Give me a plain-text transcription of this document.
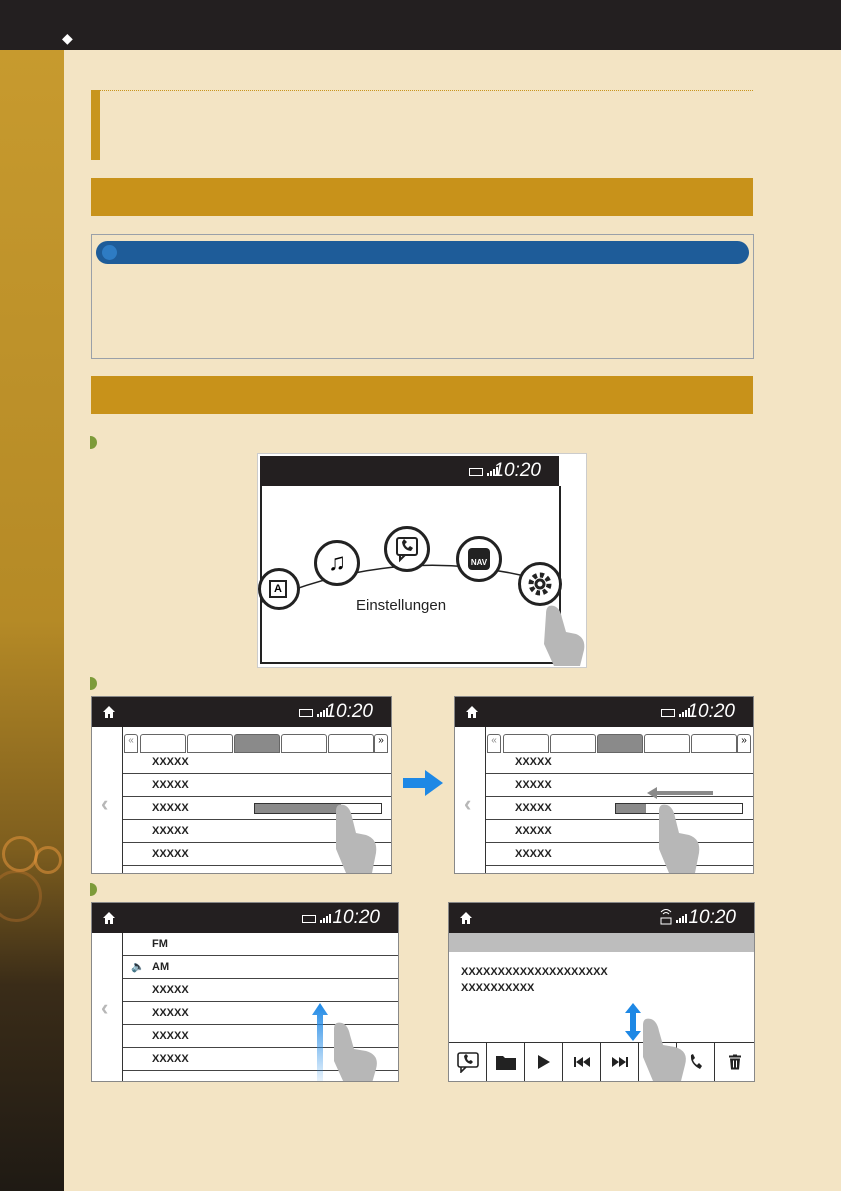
◆
10:20
A
♫	NAV
Einstellungen
10:20
‹
«	»
XXXXX
XXXXX
XXXXX
XXXXX
XXXXX
10:20
‹
«	»
XXXXX
XXXXX
XXXXX
XXXXX
XXXXX
10:20
‹
FM
🔈 AM
XXXXX
XXXXX
XXXXX
XXXXX
10:20
XXXXXXXXXXXXXXXXXXXX
XXXXXXXXXX
